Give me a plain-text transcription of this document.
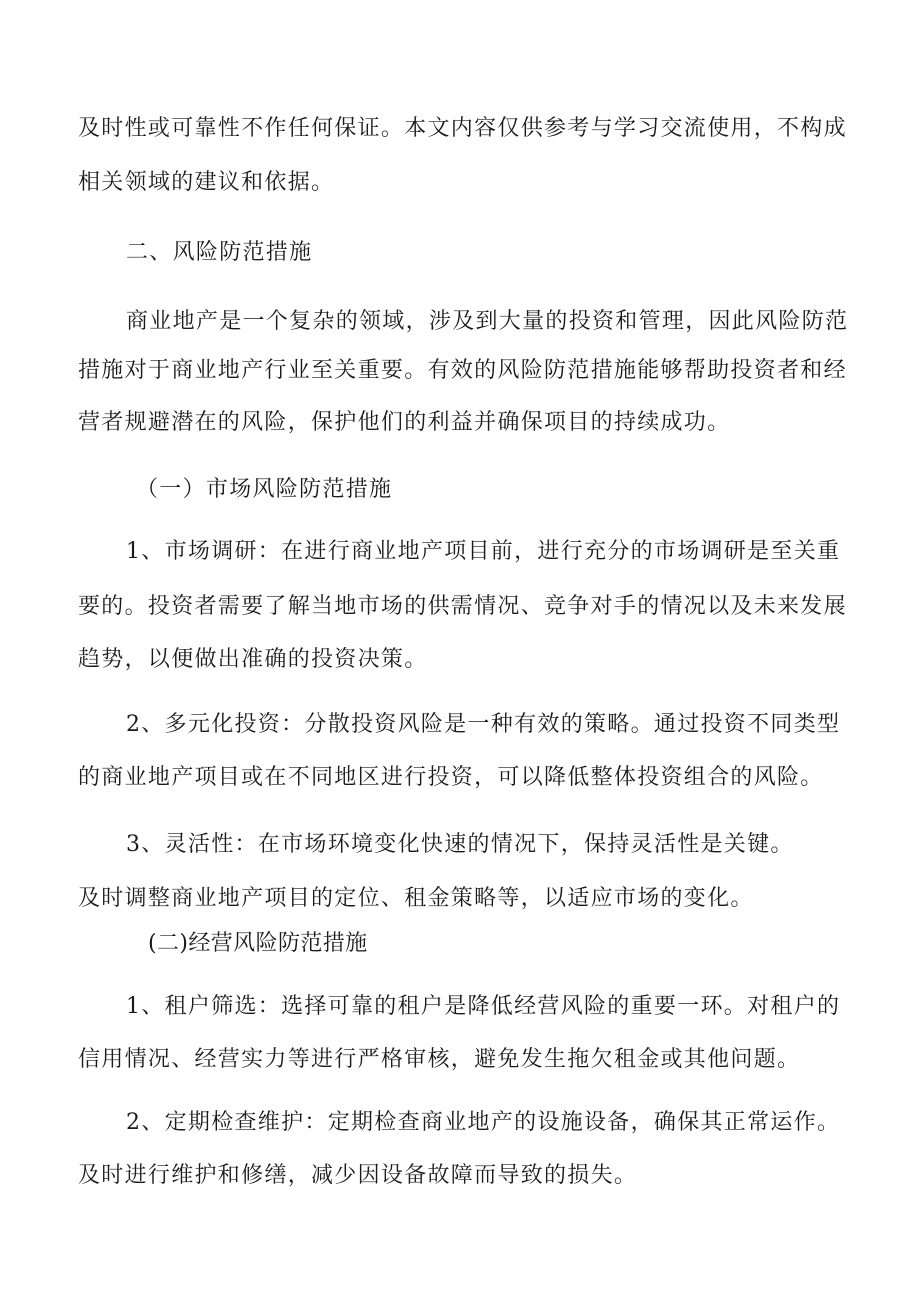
及时性或可靠性不作任何保证。本文内容仅供参考与学习交流使用，不构成
相关领域的建议和依据。
二、风险防范措施
商业地产是一个复杂的领域，涉及到大量的投资和管理，因此风险防范
措施对于商业地产行业至关重要。有效的风险防范措施能够帮助投资者和经
营者规避潜在的风险，保护他们的利益并确保项目的持续成功。
（一）市场风险防范措施
1、市场调研：在进行商业地产项目前，进行充分的市场调研是至关重
要的。投资者需要了解当地市场的供需情况、竞争对手的情况以及未来发展
趋势，以便做出准确的投资决策。
2、多元化投资：分散投资风险是一种有效的策略。通过投资不同类型
的商业地产项目或在不同地区进行投资，可以降低整体投资组合的风险。
3、灵活性：在市场环境变化快速的情况下，保持灵活性是关键。
及时调整商业地产项目的定位、租金策略等，以适应市场的变化。
(二)经营风险防范措施
1、租户筛选：选择可靠的租户是降低经营风险的重要一环。对租户的
信用情况、经营实力等进行严格审核，避免发生拖欠租金或其他问题。
2、定期检查维护：定期检查商业地产的设施设备，确保其正常运作。
及时进行维护和修缮，减少因设备故障而导致的损失。
